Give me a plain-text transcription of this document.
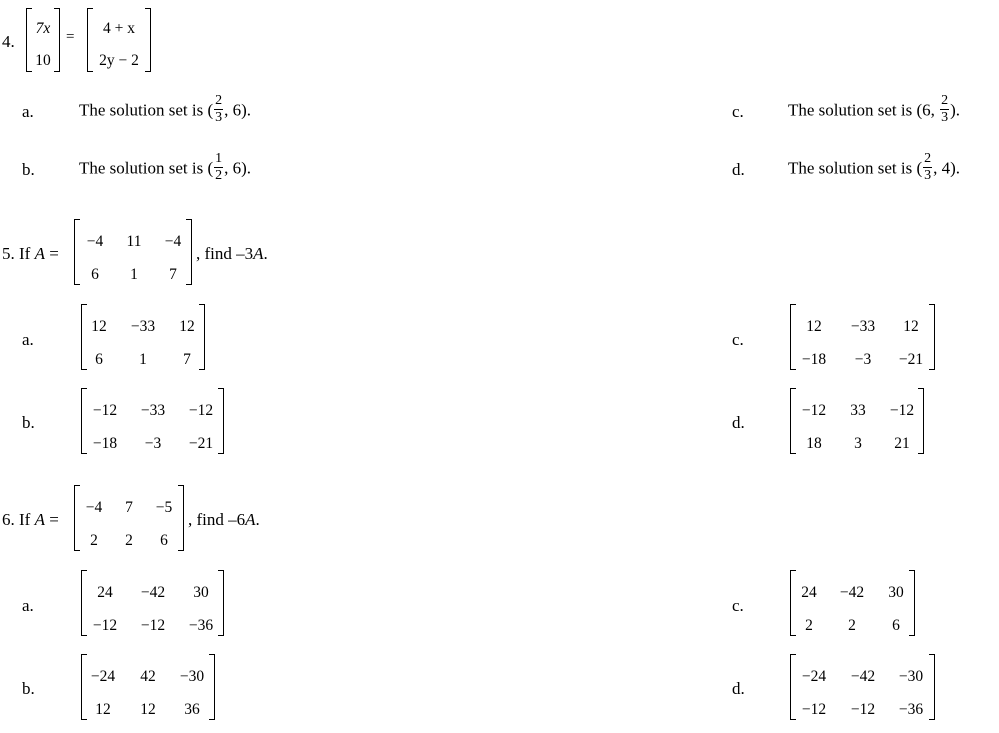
4.
7x
10
= 4 + x
2y − 2
a.	The solution set is ( $\frac{2}{3}$ , 6).
b.	The solution set is ( $\frac{1}{2}$ , 6).
c.	The solution set is (6, $\frac{2}{3}$ ).
d.	The solution set is ( $\frac{2}{3}$ , 4).
5. If A =
−4 11 −4
6 1 7
, find –3A.
a.
12 −33 12
6 1 7
b.
−12 −33 −12
−18 −3 −21
c.
12 −33 12
−18 −3 −21
d.
−12 33 −12
18 3 21
6. If A =
−4 7 −5
2 2 6
, find –6A.
a.
24 −42 30
−12 −12 −36
b.
−24 42 −30
12 12 36
c.
24 −42 30
2 2 6
d.
−24 −42 −30
−12 −12 −36
